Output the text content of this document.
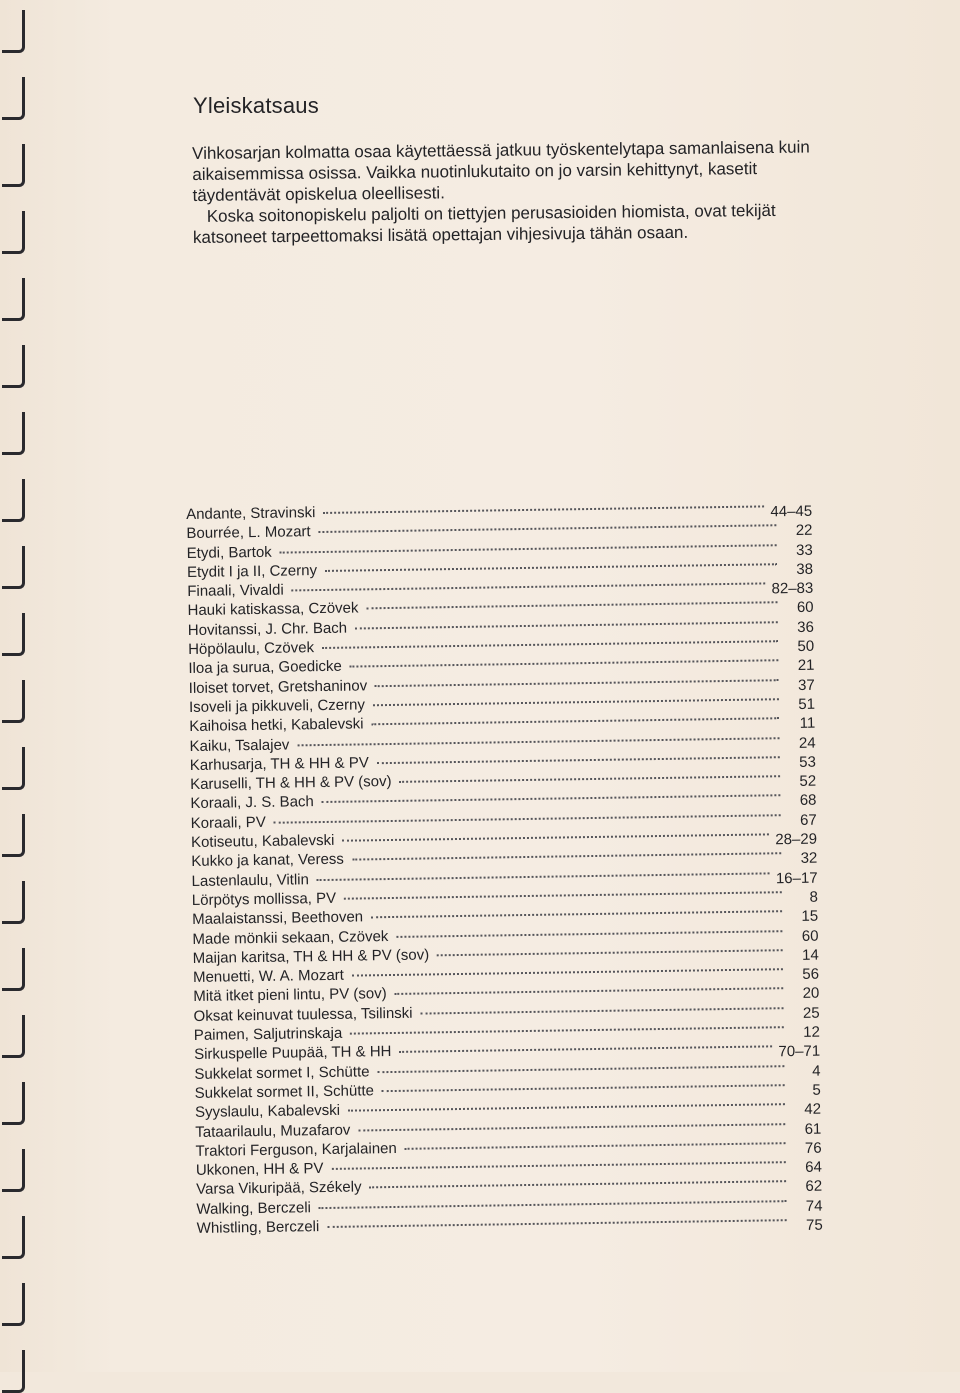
Yleiskatsaus

Vihkosarjan kolmatta osaa käytettäessä jatkuu työskentelytapa samanlaisena kuin aikaisemmissa osissa. Vaikka nuotinlukutaito on jo varsin kehittynyt, kasetit täydentävät opiskelua oleellisesti.

Koska soitonopiskelu paljolti on tiettyjen perusasioiden hiomista, ovat tekijät katsoneet tarpeettomaksi lisätä opettajan vihjesivuja tähän osaan.

Andante, Stravinski	44–45
Bourrée, L. Mozart	22
Etydi, Bartok	33
Etydit I ja II, Czerny	38
Finaali, Vivaldi	82–83
Hauki katiskassa, Czövek	60
Hovitanssi, J. Chr. Bach	36
Höpölaulu, Czövek	50
Iloa ja surua, Goedicke	21
Iloiset torvet, Gretshaninov	37
Isoveli ja pikkuveli, Czerny	51
Kaihoisa hetki, Kabalevski	11
Kaiku, Tsalajev	24
Karhusarja, TH & HH & PV	53
Karuselli, TH & HH & PV (sov)	52
Koraali, J. S. Bach	68
Koraali, PV	67
Kotiseutu, Kabalevski	28–29
Kukko ja kanat, Veress	32
Lastenlaulu, Vitlin	16–17
Lörpötys mollissa, PV	8
Maalaistanssi, Beethoven	15
Made mönkii sekaan, Czövek	60
Maijan karitsa, TH & HH & PV (sov)	14
Menuetti, W. A. Mozart	56
Mitä itket pieni lintu, PV (sov)	20
Oksat keinuvat tuulessa, Tsilinski	25
Paimen, Saljutrinskaja	12
Sirkuspelle Puupää, TH & HH	70–71
Sukkelat sormet I, Schütte	4
Sukkelat sormet II, Schütte	5
Syyslaulu, Kabalevski	42
Tataarilaulu, Muzafarov	61
Traktori Ferguson, Karjalainen	76
Ukkonen, HH & PV	64
Varsa Vikuripää, Székely	62
Walking, Berczeli	74
Whistling, Berczeli	75
